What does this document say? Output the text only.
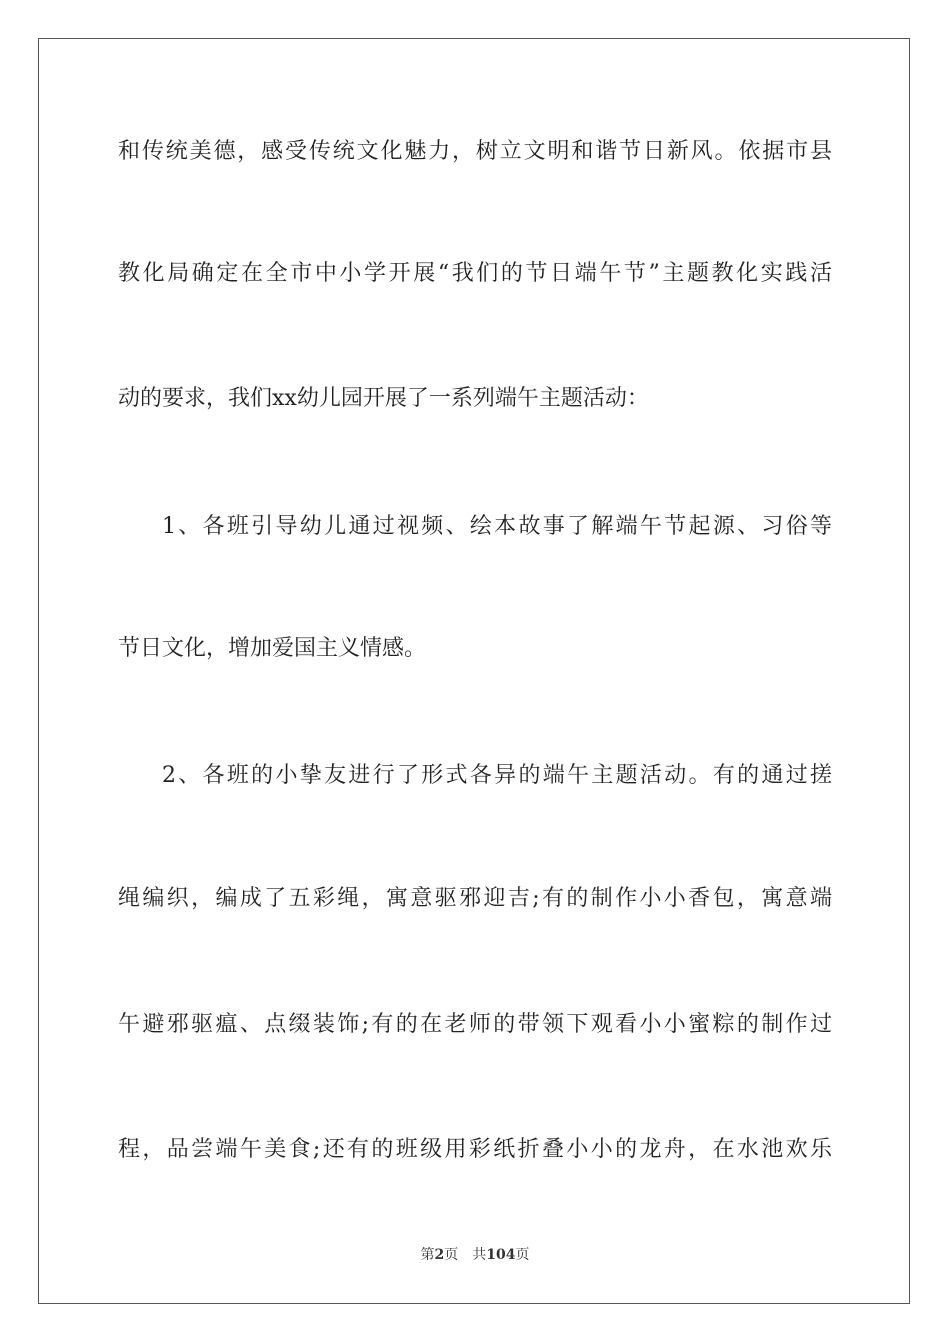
和传统美德，感受传统文化魅力，树立文明和谐节日新风。依据市县
教化局确定在全市中小学开展“我们的节日端午节”主题教化实践活
动的要求，我们xx幼儿园开展了一系列端午主题活动：
1、各班引导幼儿通过视频、绘本故事了解端午节起源、习俗等
节日文化，增加爱国主义情感。
2、各班的小挚友进行了形式各异的端午主题活动。有的通过搓
绳编织，编成了五彩绳，寓意驱邪迎吉;有的制作小小香包，寓意端
午避邪驱瘟、点缀装饰;有的在老师的带领下观看小小蜜粽的制作过
程，品尝端午美食;还有的班级用彩纸折叠小小的龙舟，在水池欢乐
第2页 共104页
